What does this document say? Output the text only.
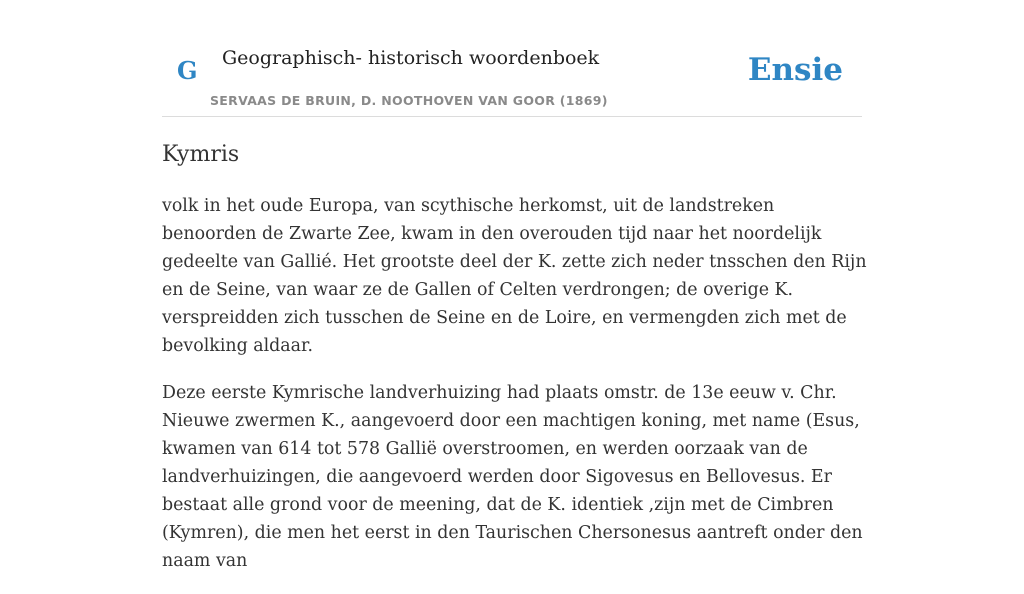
G Geographisch- historisch woordenboek
SERVAAS DE BRUIN, D. NOOTHOVEN VAN GOOR (1869)
Ensie
Kymris

volk in het oude Europa, van scythische herkomst, uit de landstreken benoorden de Zwarte Zee, kwam in den overouden tijd naar het noordelijk gedeelte van Gallié. Het grootste deel der K. zette zich neder tnsschen den Rijn en de Seine, van waar ze de Gallen of Celten verdrongen; de overige K. verspreidden zich tusschen de Seine en de Loire, en vermengden zich met de bevolking aldaar.

Deze eerste Kymrische landverhuizing had plaats omstr. de 13e eeuw v. Chr. Nieuwe zwermen K., aangevoerd door een machtigen koning, met name (Esus, kwamen van 614 tot 578 Gallië overstroomen, en werden oorzaak van de landverhuizingen, die aangevoerd werden door Sigovesus en Bellovesus. Er bestaat alle grond voor de meening, dat de K. identiek ,zijn met de Cimbren (Kymren), die men het eerst in den Taurischen Chersonesus aantreft onder den naam van
